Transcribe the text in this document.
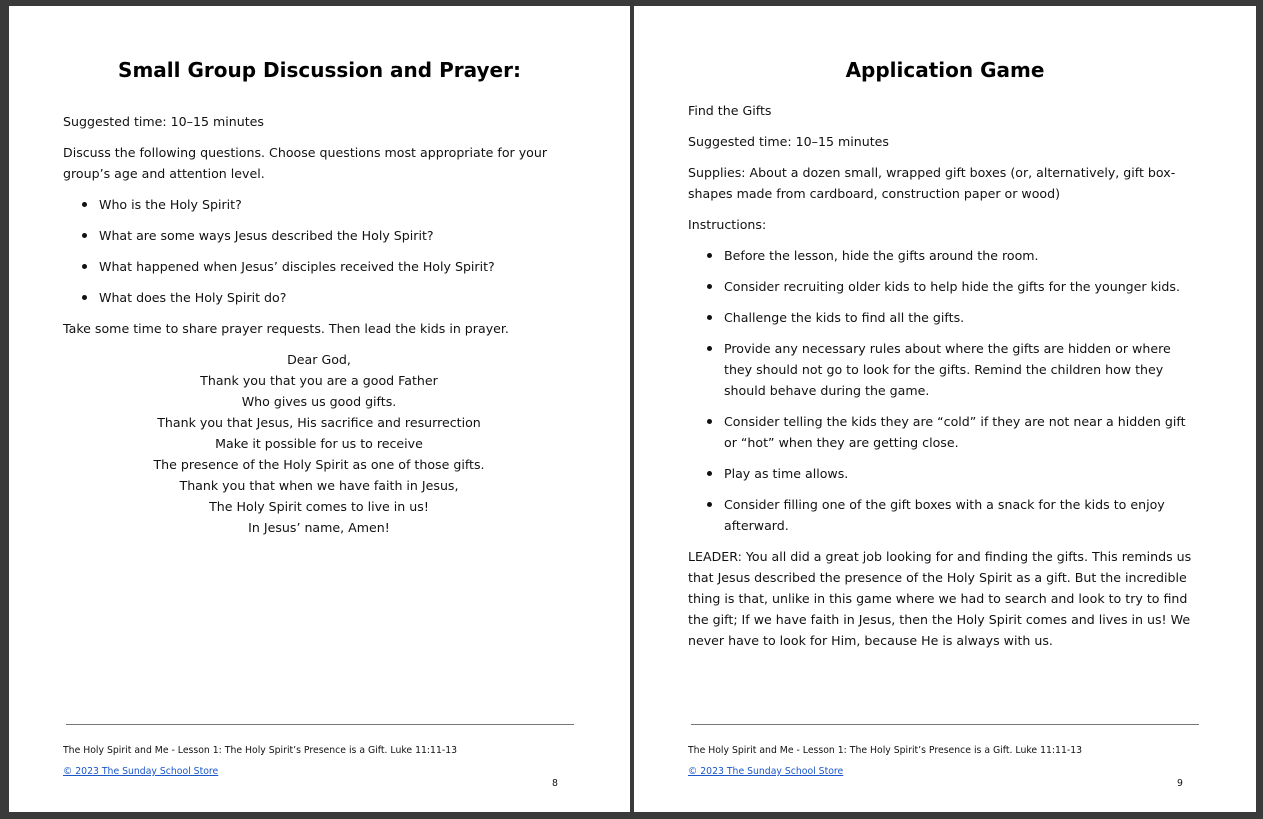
Small Group Discussion and Prayer:

Suggested time: 10–15 minutes

Discuss the following questions. Choose questions most appropriate for your group’s age and attention level.

Who is the Holy Spirit?
What are some ways Jesus described the Holy Spirit?
What happened when Jesus’ disciples received the Holy Spirit?
What does the Holy Spirit do?

Take some time to share prayer requests. Then lead the kids in prayer.

Dear God,
Thank you that you are a good Father
Who gives us good gifts.
Thank you that Jesus, His sacrifice and resurrection
Make it possible for us to receive
The presence of the Holy Spirit as one of those gifts.
Thank you that when we have faith in Jesus,
The Holy Spirit comes to live in us!
In Jesus’ name, Amen!
The Holy Spirit and Me - Lesson 1: The Holy Spirit’s Presence is a Gift. Luke 11:11-13
© 2023 The Sunday School Store
8
Application Game

Find the Gifts

Suggested time: 10–15 minutes

Supplies: About a dozen small, wrapped gift boxes (or, alternatively, gift box-shapes made from cardboard, construction paper or wood)

Instructions:

Before the lesson, hide the gifts around the room.
Consider recruiting older kids to help hide the gifts for the younger kids.
Challenge the kids to find all the gifts.
Provide any necessary rules about where the gifts are hidden or where they should not go to look for the gifts. Remind the children how they should behave during the game.
Consider telling the kids they are “cold” if they are not near a hidden gift or “hot” when they are getting close.
Play as time allows.
Consider filling one of the gift boxes with a snack for the kids to enjoy afterward.

LEADER: You all did a great job looking for and finding the gifts. This reminds us that Jesus described the presence of the Holy Spirit as a gift. But the incredible thing is that, unlike in this game where we had to search and look to try to find the gift; If we have faith in Jesus, then the Holy Spirit comes and lives in us! We never have to look for Him, because He is always with us.

The Holy Spirit and Me - Lesson 1: The Holy Spirit’s Presence is a Gift. Luke 11:11-13
© 2023 The Sunday School Store
9
